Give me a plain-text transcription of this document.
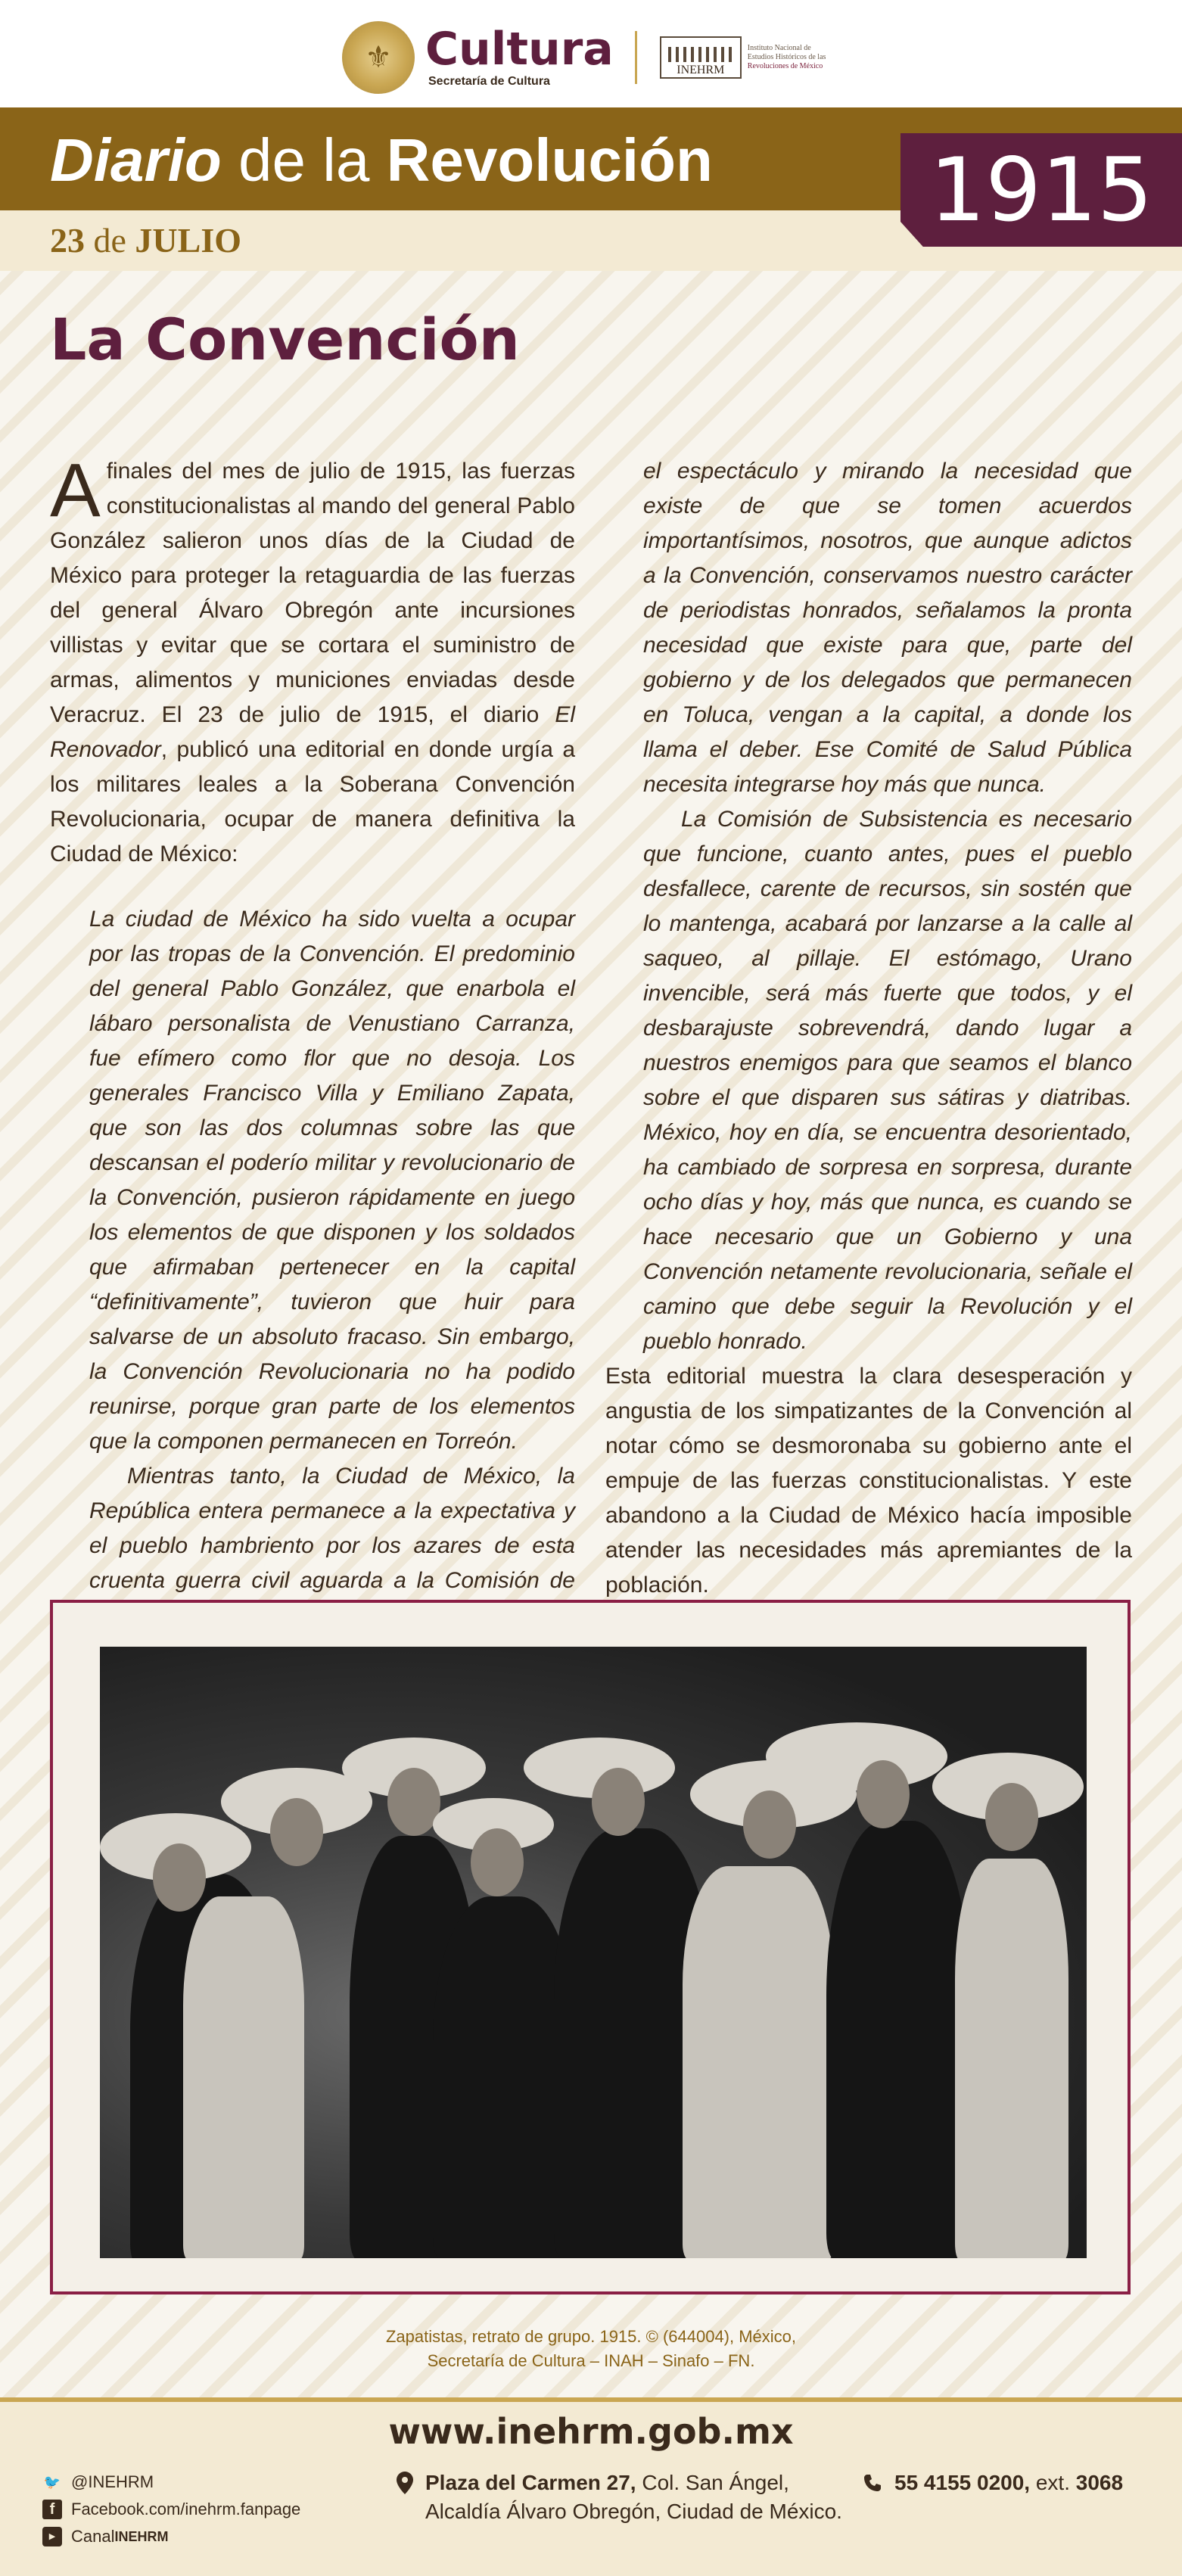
⚜ Cultura
Secretaría de Cultura
INEHRM
Instituto Nacional de
Estudios Históricos de las
Revoluciones de México
Diario de la Revolución
23 de JULIO	1915
La Convención

Afinales del mes de julio de 1915, las fuerzas constitucionalistas al mando del general Pablo González salieron unos días de la Ciudad de México para proteger la retaguardia de las fuerzas del general Álvaro Obregón ante incursiones villistas y evitar que se cortara el suministro de armas, alimentos y municiones enviadas desde Veracruz. El 23 de julio de 1915, el diario El Renovador, publicó una editorial en donde urgía a los militares leales a la Soberana Convención Revolucionaria, ocupar de manera definitiva la Ciudad de México:

La ciudad de México ha sido vuelta a ocupar por las tropas de la Convención. El predominio del general Pablo González, que enarbola el lábaro personalista de Venustiano Carranza, fue efímero como flor que no desoja. Los generales Francisco Villa y Emiliano Zapata, que son las dos columnas sobre las que descansan el poderío militar y revolucionario de la Convención, pusieron rápidamente en juego los elementos de que disponen y los soldados que afirmaban pertenecer en la capital “definitivamente”, tuvieron que huir para salvarse de un absoluto fracaso. Sin embargo, la Convención Revolucionaria no ha podido reunirse, porque gran parte de los elementos que la componen permanecen en Torreón.

Mientras tanto, la Ciudad de México, la República entera permanece a la expectativa y el pueblo hambriento por los azares de esta cruenta guerra civil aguarda a la Comisión de

el espectáculo y mirando la necesidad que existe de que se tomen acuerdos importantísimos, nosotros, que aunque adictos a la Convención, conservamos nuestro carácter de periodistas honrados, señalamos la pronta necesidad que existe para que, parte del gobierno y de los delegados que permanecen en Toluca, vengan a la capital, a donde los llama el deber. Ese Comité de Salud Pública necesita integrarse hoy más que nunca.

La Comisión de Subsistencia es necesario que funcione, cuanto antes, pues el pueblo desfallece, carente de recursos, sin sostén que lo mantenga, acabará por lanzarse a la calle al saqueo, al pillaje. El estómago, Urano invencible, será más fuerte que todos, y el desbarajuste sobrevendrá, dando lugar a nuestros enemigos para que seamos el blanco sobre el que disparen sus sátiras y diatribas. México, hoy en día, se encuentra desorientado, ha cambiado de sorpresa en sorpresa, durante ocho días y hoy, más que nunca, es cuando se hace necesario que un Gobierno y una Convención netamente revolucionaria, señale el camino que debe seguir la Revolución y el pueblo honrado.

Esta editorial muestra la clara desesperación y angustia de los simpatizantes de la Convención al notar cómo se desmoronaba su gobierno ante el empuje de las fuerzas constitucionalistas. Y este abandono a la Ciudad de México hacía imposible atender las necesidades más apremiantes de la población.

Zapatistas, retrato de grupo. 1915. © (644004), México,
Secretaría de Cultura – INAH – Sinafo – FN.
www.inehrm.gob.mx
🐦 @INEHRM
f Facebook.com/inehrm.fanpage
▶ Canal INEHRM
Plaza del Carmen 27, Col. San Ángel,
Alcaldía Álvaro Obregón, Ciudad de México.
55 4155 0200, ext. 3068
